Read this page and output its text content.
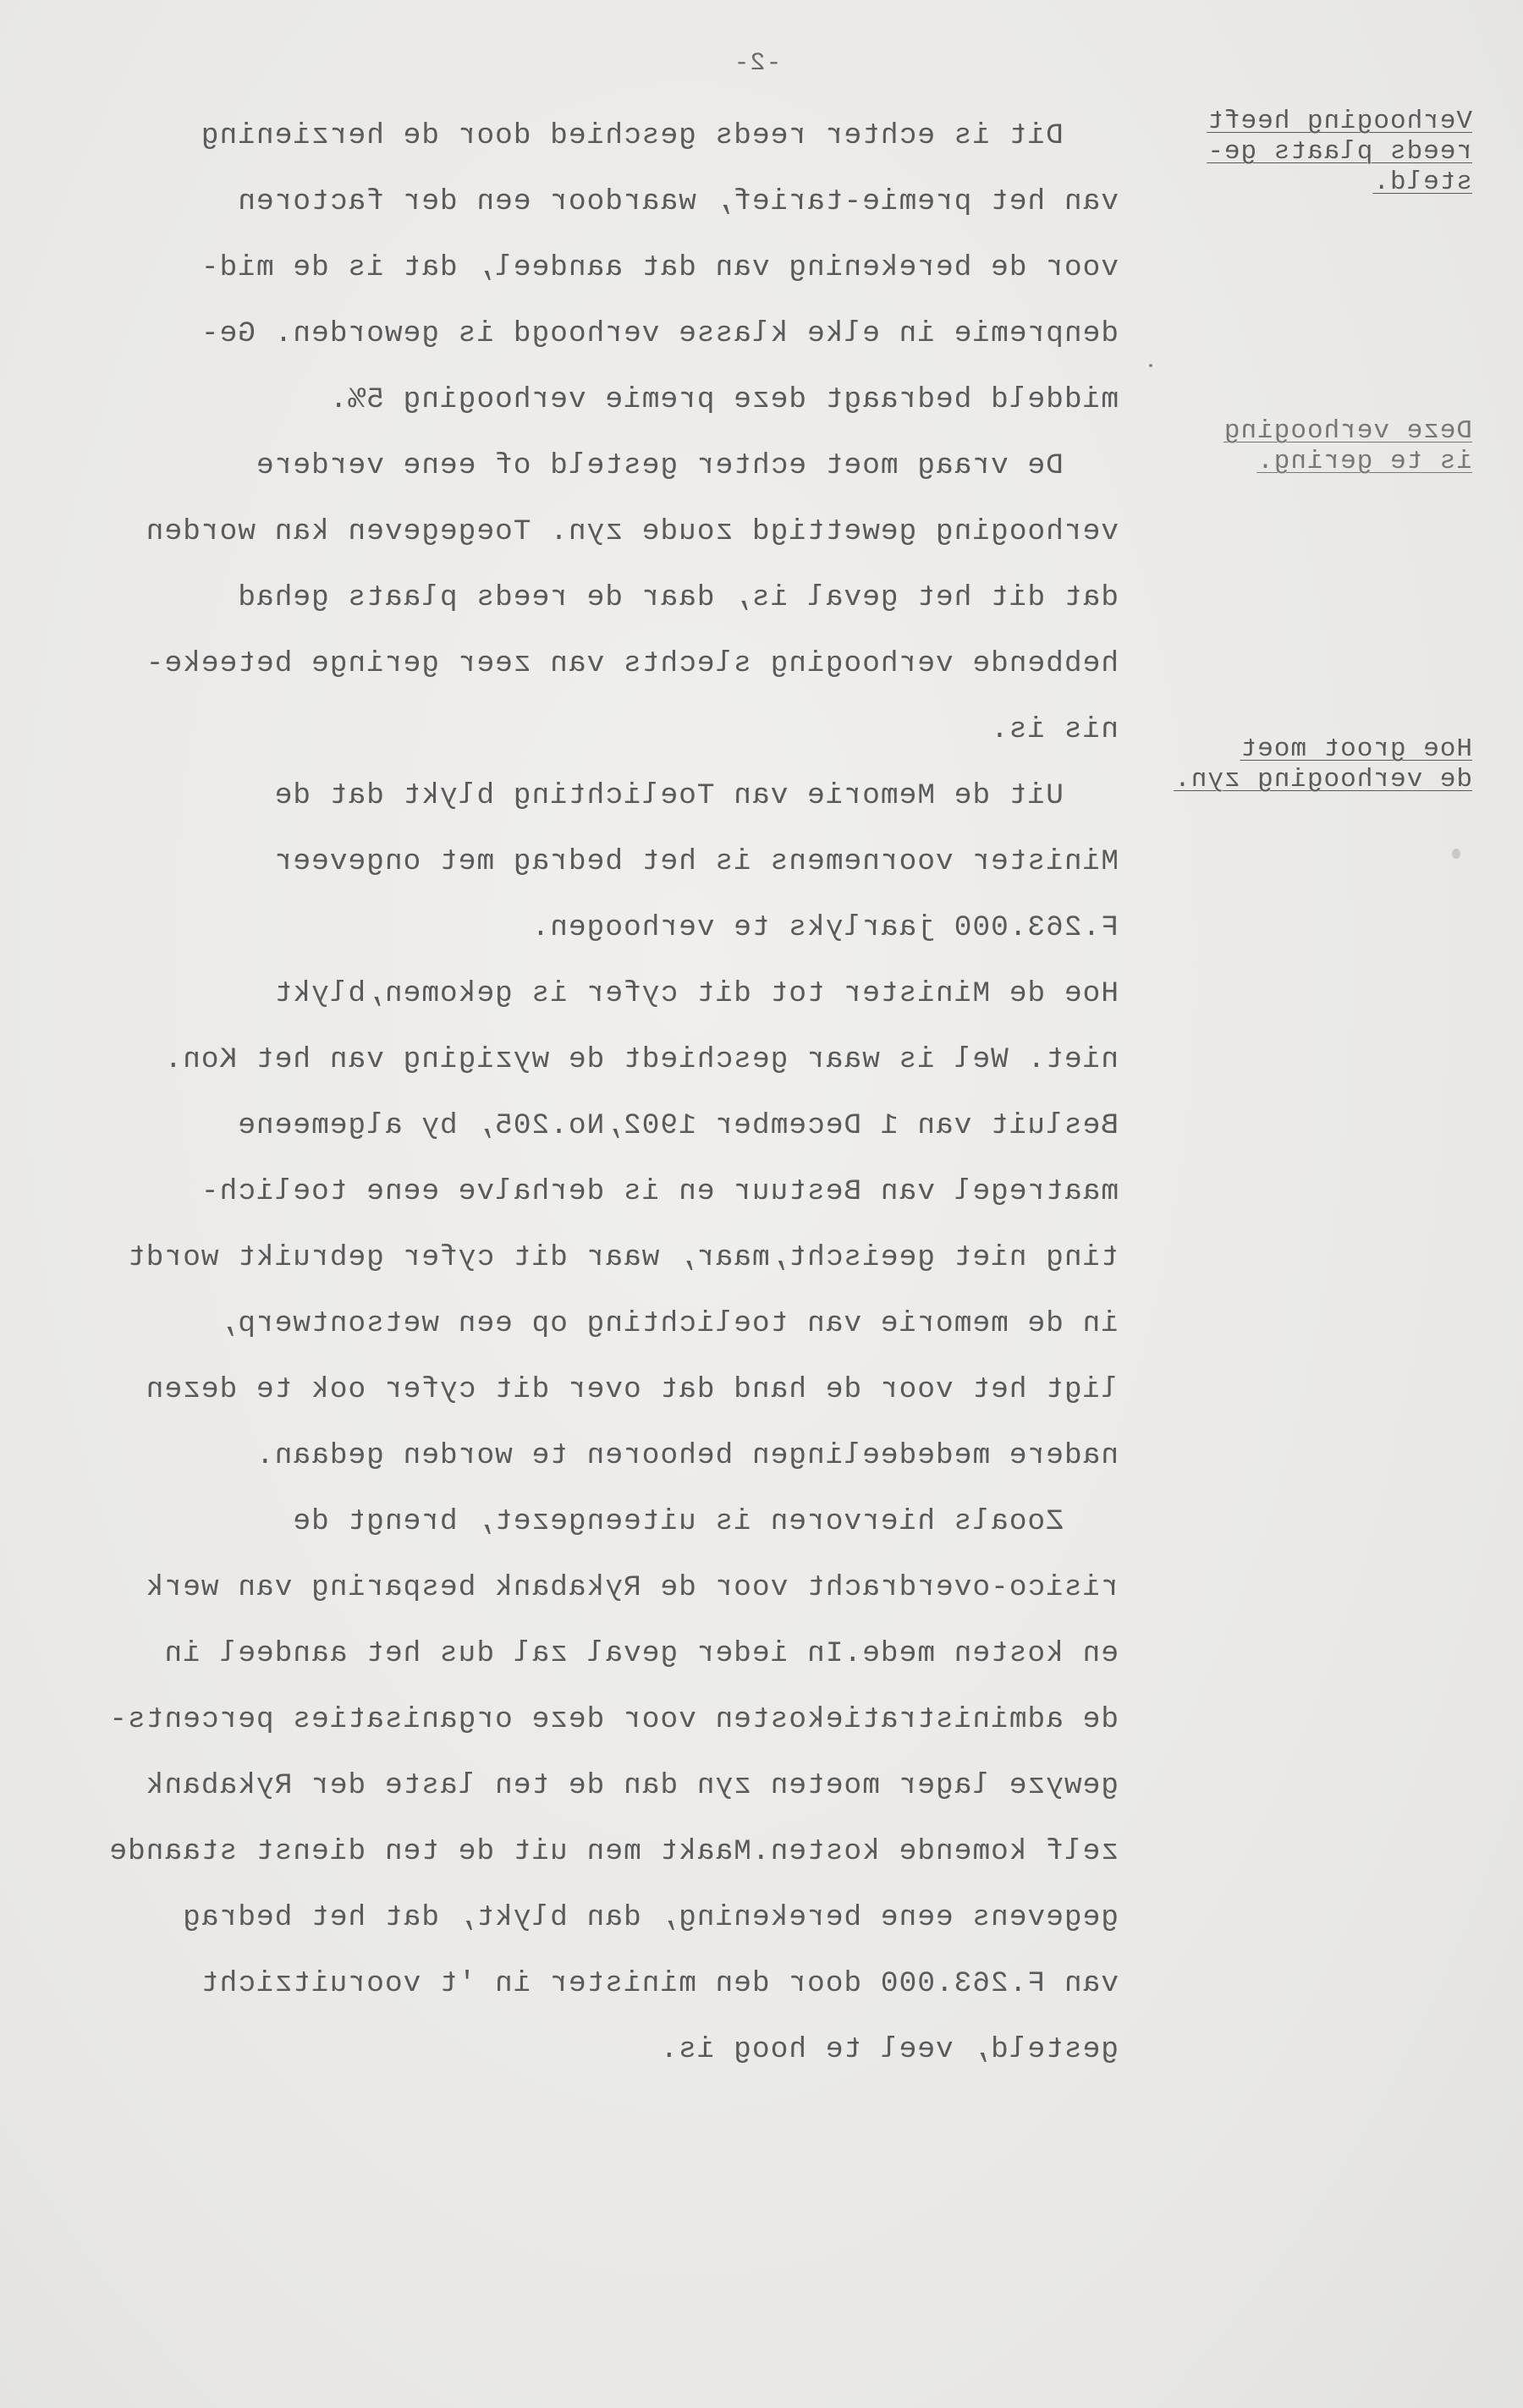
-2-
Verhooging heeft
reeds plaats ge-
steld.
Deze verhooging
is te gering.
Hoe groot moet
de verhooging zyn.
Dit is echter reeds geschied door de herziening
van het premie-tarief, waardoor een der factoren
voor de berekening van dat aandeel, dat is de mid-
denpremie in elke klasse verhoogd is geworden. Ge-
middeld bedraagt deze premie verhooging 5%.
De vraag moet echter gesteld of eene verdere
verhooging gewettigd zoude zyn. Toegegeven kan worden
dat dit het geval is, daar de reeds plaats gehad
hebbende verhooging slechts van zeer geringe beteeke-
nis is.
Uit de Memorie van Toelichting blykt dat de
Minister voornemens is het bedrag met ongeveer
F.263.000 jaarlyks te verhoogen.
Hoe de Minister tot dit cyfer is gekomen,blykt
niet. Wel is waar geschiedt de wyziging van het Kon.
Besluit van 1 December 1902,No.205, by algemeene
maatregel van Bestuur en is derhalve eene toelich-
ting niet geeischt,maar, waar dit cyfer gebruikt wordt
in de memorie van toelichting op een wetsontwerp,
ligt het voor de hand dat over dit cyfer ook te dezen
nadere mededeelingen behooren te worden gedaan.
Zooals hiervoren is uiteengezet, brengt de
risico-overdracht voor de Rykabank besparing van werk
en kosten mede.In ieder geval zal dus het aandeel in
de administratiekosten voor deze organisaties percents-
gewyze lager moeten zyn dan de ten laste der Rykabank
zelf komende kosten.Maakt men uit de ten dienst staande
gegevens eene berekening, dan blykt, dat het bedrag
van F.263.000 door den minister in 't vooruitzicht
gesteld, veel te hoog is.
